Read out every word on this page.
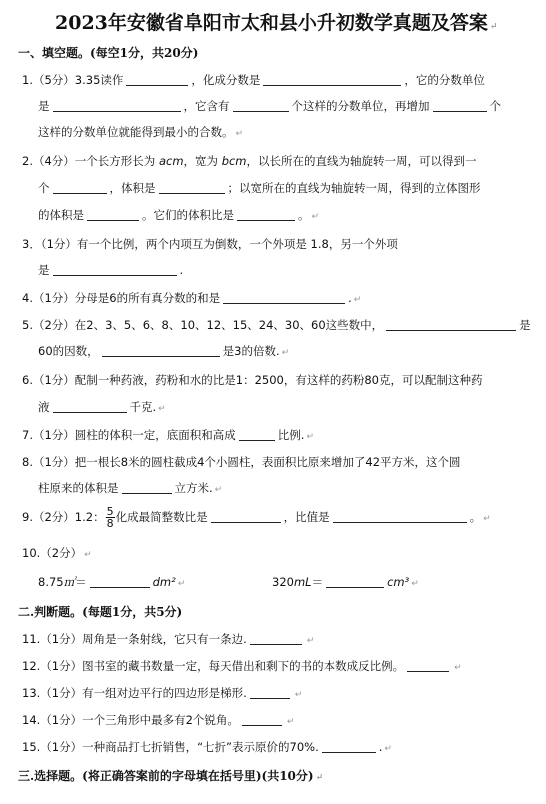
2023年安徽省阜阳市太和县小升初数学真题及答案 ↵
一、填空题。(每空1分，共20分)
1.（5分）3.35读作	，化成分数是	，它的分数单位
是	，它含有	个这样的分数单位，再增加	个
这样的分数单位就能得到最小的合数。 ↵
2.（4分）一个长方形长为 acm，宽为 bcm，以长所在的直线为轴旋转一周，可以得到一
个	，体积是	；以宽所在的直线为轴旋转一周，得到的立体图形
的体积是	。它们的体积比是	。 ↵
3．（1分）有一个比例，两个内项互为倒数，一个外项是 1.8，另一个外项
是	.
4.（1分）分母是6的所有真分数的和是	. ↵
5.（2分）在2、3、5、6、8、10、12、15、24、30、60这些数中，	是
60的因数，	是3的倍数. ↵
6.（1分）配制一种药液，药粉和水的比是1：2500，有这样的药粉80克，可以配制这种药
液	千克. ↵
7.（1分）圆柱的体积一定，底面积和高成	比例. ↵
8.（1分）把一根长8米的圆柱截成4个小圆柱，表面积比原来增加了42平方米，这个圆
柱原来的体积是	立方米. ↵
9.（2分）1.2： $\frac{5}{8}$ 化成最简整数比是	，比值是	。 ↵
10.（2分） ↵
8.75㎡＝	dm² ↵	320mL＝	cm³ ↵
二.判断题。(每题1分，共5分)
11.（1分）周角是一条射线，它只有一条边.	↵
12.（1分）图书室的藏书数量一定，每天借出和剩下的书的本数成反比例。	↵
13.（1分）有一组对边平行的四边形是梯形.	↵
14.（1分）一个三角形中最多有2个锐角。	↵
15.（1分）一种商品打七折销售，“七折”表示原价的70%.	. ↵
三.选择题。(将正确答案前的字母填在括号里)(共10分) ↵
